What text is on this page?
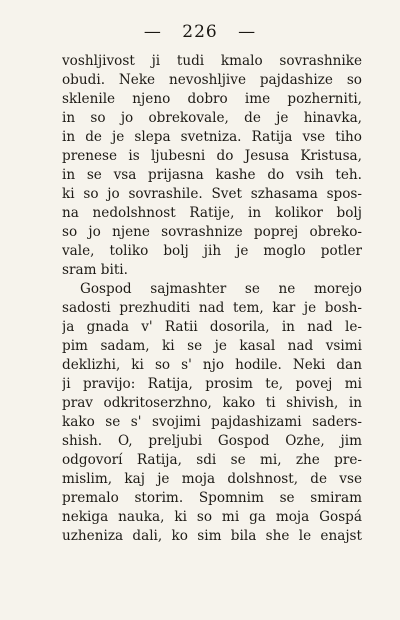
— 226 —
voshljivost ji tudi kmalo sovrashnike
obudi. Neke nevoshljive pajdashize so
sklenile njeno dobro ime pozherniti,
in so jo obrekovale, de je hinavka,
in de je slepa svetniza. Ratija vse tiho
prenese is ljubesni do Jesusa Kristusa,
in se vsa prijasna kashe do vsih teh.
ki so jo sovrashile. Svet szhasama spos-
na nedolshnost Ratije, in kolikor bolj
so jo njene sovrashnize poprej obreko-
vale, toliko bolj jih je moglo potler
sram biti.
Gospod sajmashter se ne morejo
sadosti prezhuditi nad tem, kar je bosh-
ja gnada v' Ratii dosorila, in nad le-
pim sadam, ki se je kasal nad vsimi
deklizhi, ki so s' njo hodile. Neki dan
ji pravijo: Ratija, prosim te, povej mi
prav odkritoserzhno, kako ti shivish, in
kako se s' svojimi pajdashizami saders-
shish. O, preljubi Gospod Ozhe, jim
odgovorí Ratija, sdi se mi, zhe pre-
mislim, kaj je moja dolshnost, de vse
premalo storim. Spomnim se smiram
nekiga nauka, ki so mi ga moja Gospá
uzheniza dali, ko sim bila she le enajst
